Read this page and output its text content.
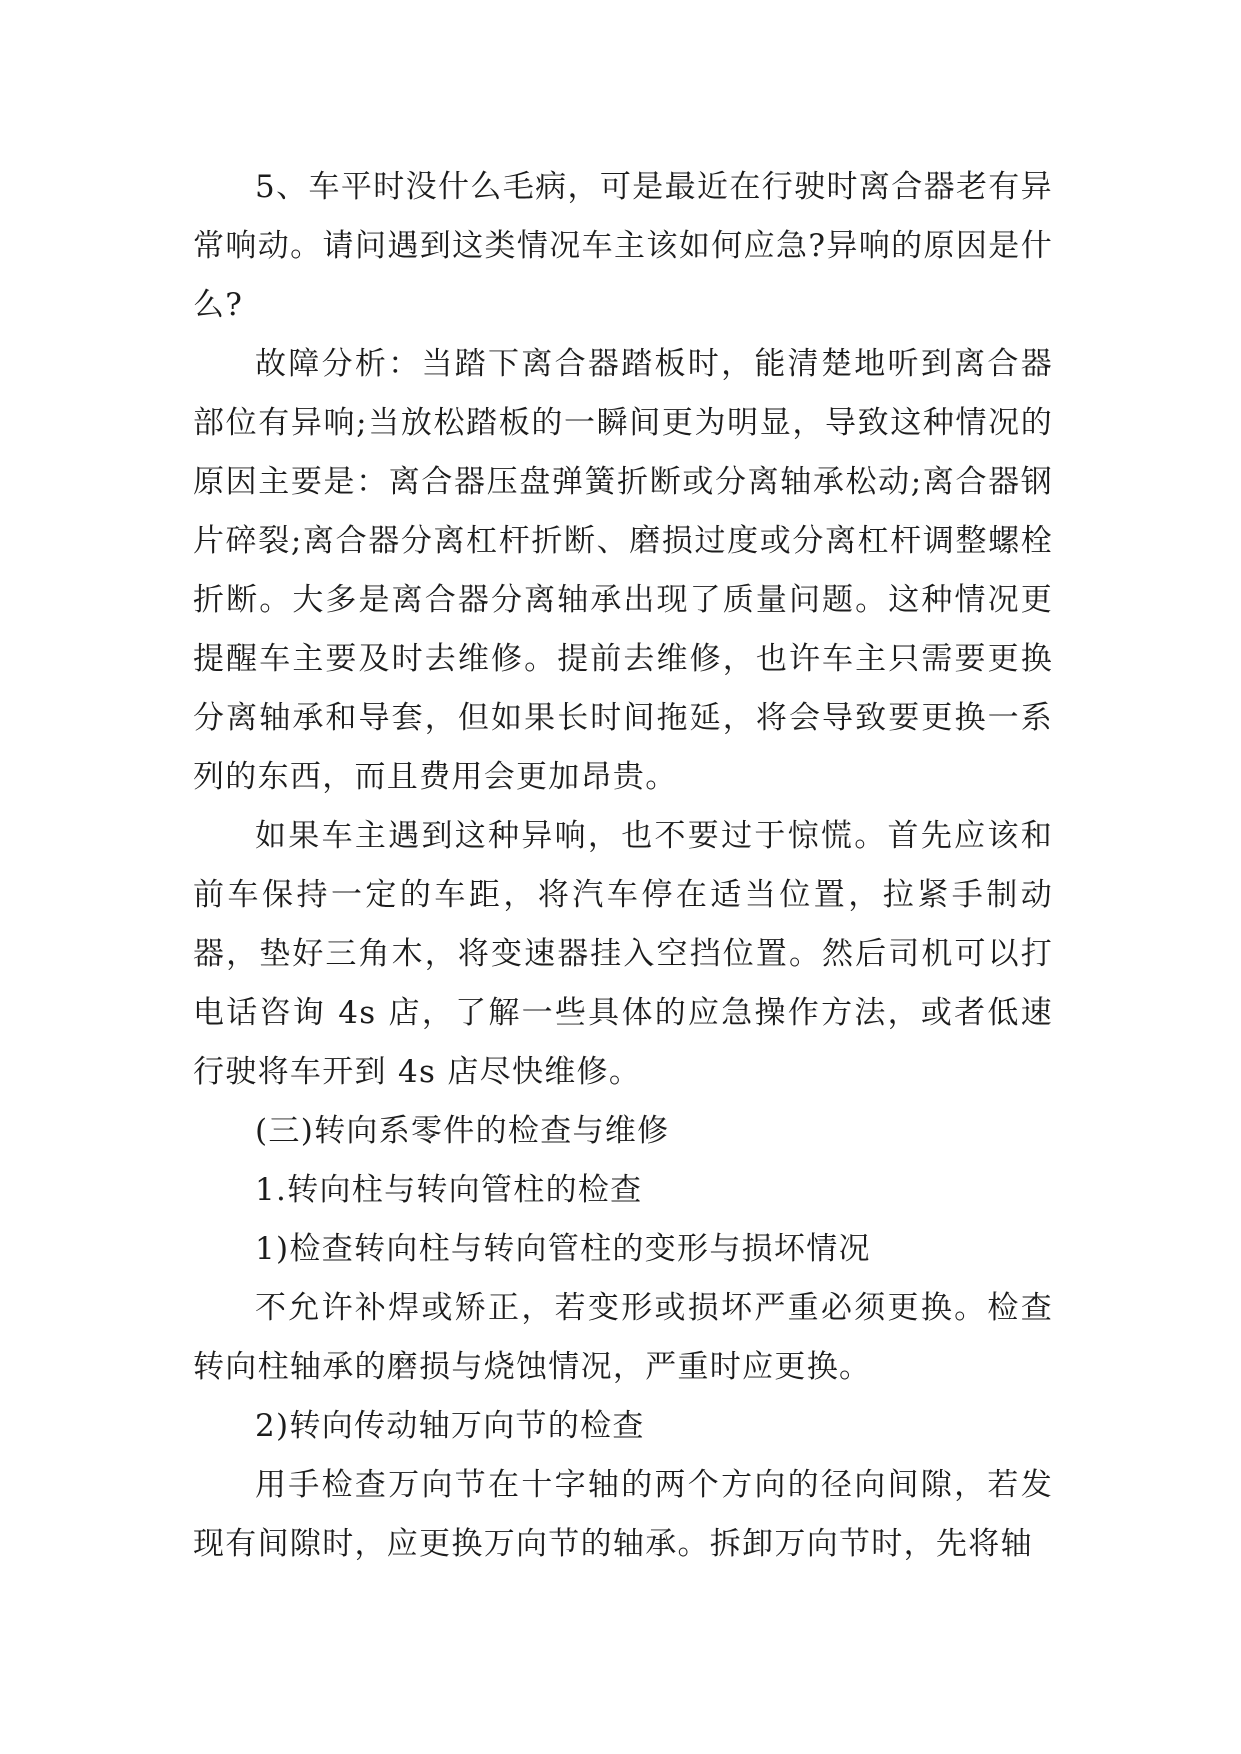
5、车平时没什么毛病，可是最近在行驶时离合器老有异常响动。请问遇到这类情况车主该如何应急?异响的原因是什么?

故障分析：当踏下离合器踏板时，能清楚地听到离合器部位有异响;当放松踏板的一瞬间更为明显，导致这种情况的原因主要是：离合器压盘弹簧折断或分离轴承松动;离合器钢片碎裂;离合器分离杠杆折断、磨损过度或分离杠杆调整螺栓折断。大多是离合器分离轴承出现了质量问题。这种情况更提醒车主要及时去维修。提前去维修，也许车主只需要更换分离轴承和导套，但如果长时间拖延，将会导致要更换一系列的东西，而且费用会更加昂贵。

如果车主遇到这种异响，也不要过于惊慌。首先应该和前车保持一定的车距，将汽车停在适当位置，拉紧手制动器，垫好三角木，将变速器挂入空挡位置。然后司机可以打电话咨询 4s 店，了解一些具体的应急操作方法，或者低速行驶将车开到 4s 店尽快维修。

(三)转向系零件的检查与维修

1.转向柱与转向管柱的检查

1)检查转向柱与转向管柱的变形与损坏情况

不允许补焊或矫正，若变形或损坏严重必须更换。检查转向柱轴承的磨损与烧蚀情况，严重时应更换。

2)转向传动轴万向节的检查

用手检查万向节在十字轴的两个方向的径向间隙，若发现有间隙时，应更换万向节的轴承。拆卸万向节时，先将轴
